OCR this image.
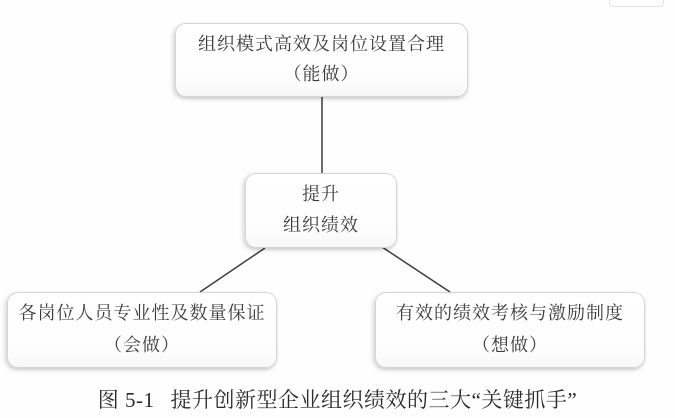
组织模式高效及岗位设置合理
（能做）
提升
组织绩效
各岗位人员专业性及数量保证
（会做）
有效的绩效考核与激励制度
（想做）
图 5-1 提升创新型企业组织绩效的三大“关键抓手”
